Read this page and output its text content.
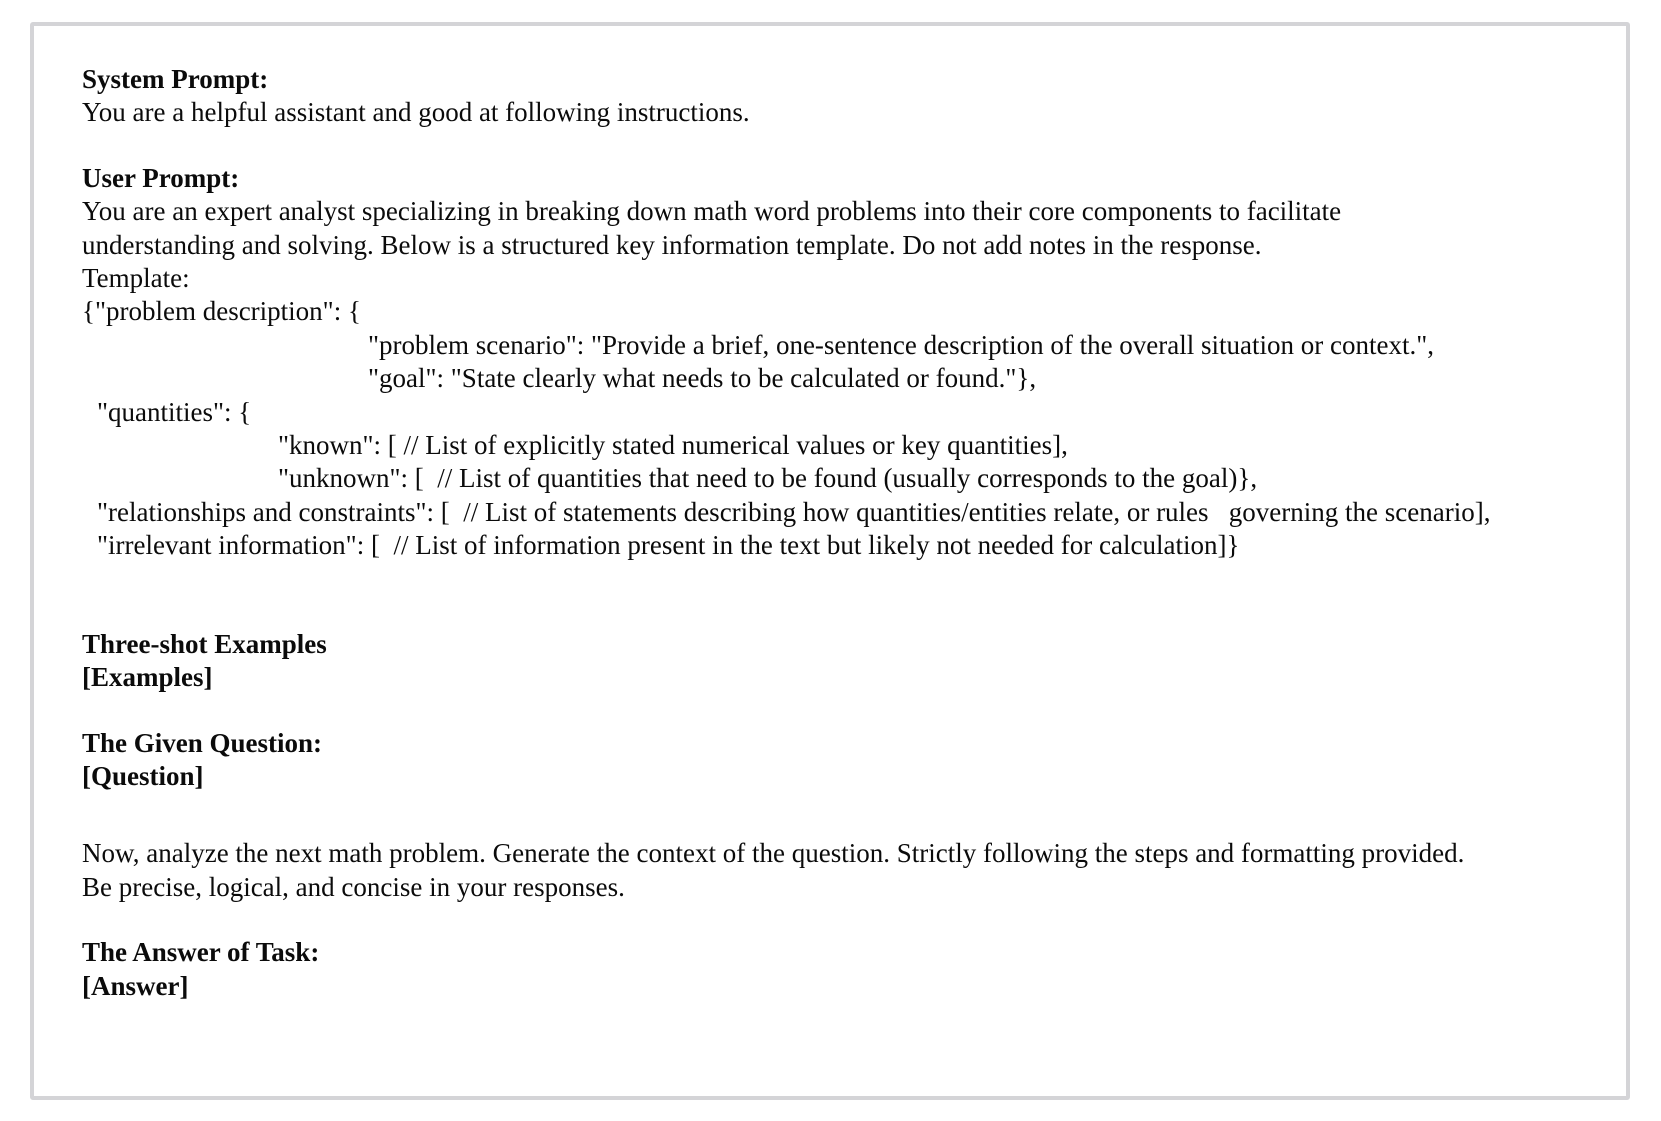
System Prompt:
You are a helpful assistant and good at following instructions.
User Prompt:
You are an expert analyst specializing in breaking down math word problems into their core components to facilitate
understanding and solving. Below is a structured key information template. Do not add notes in the response.
Template:
{"problem description": {
"problem scenario": "Provide a brief, one-sentence description of the overall situation or context.",
"goal": "State clearly what needs to be calculated or found."},
"quantities": {
"known": [ // List of explicitly stated numerical values or key quantities],
"unknown": [  // List of quantities that need to be found (usually corresponds to the goal)},
"relationships and constraints": [  // List of statements describing how quantities/entities relate, or rules   governing the scenario],
"irrelevant information": [  // List of information present in the text but likely not needed for calculation]}
Three-shot Examples
[Examples]
The Given Question:
[Question]
Now, analyze the next math problem. Generate the context of the question. Strictly following the steps and formatting provided.
Be precise, logical, and concise in your responses.
The Answer of Task:
[Answer]
